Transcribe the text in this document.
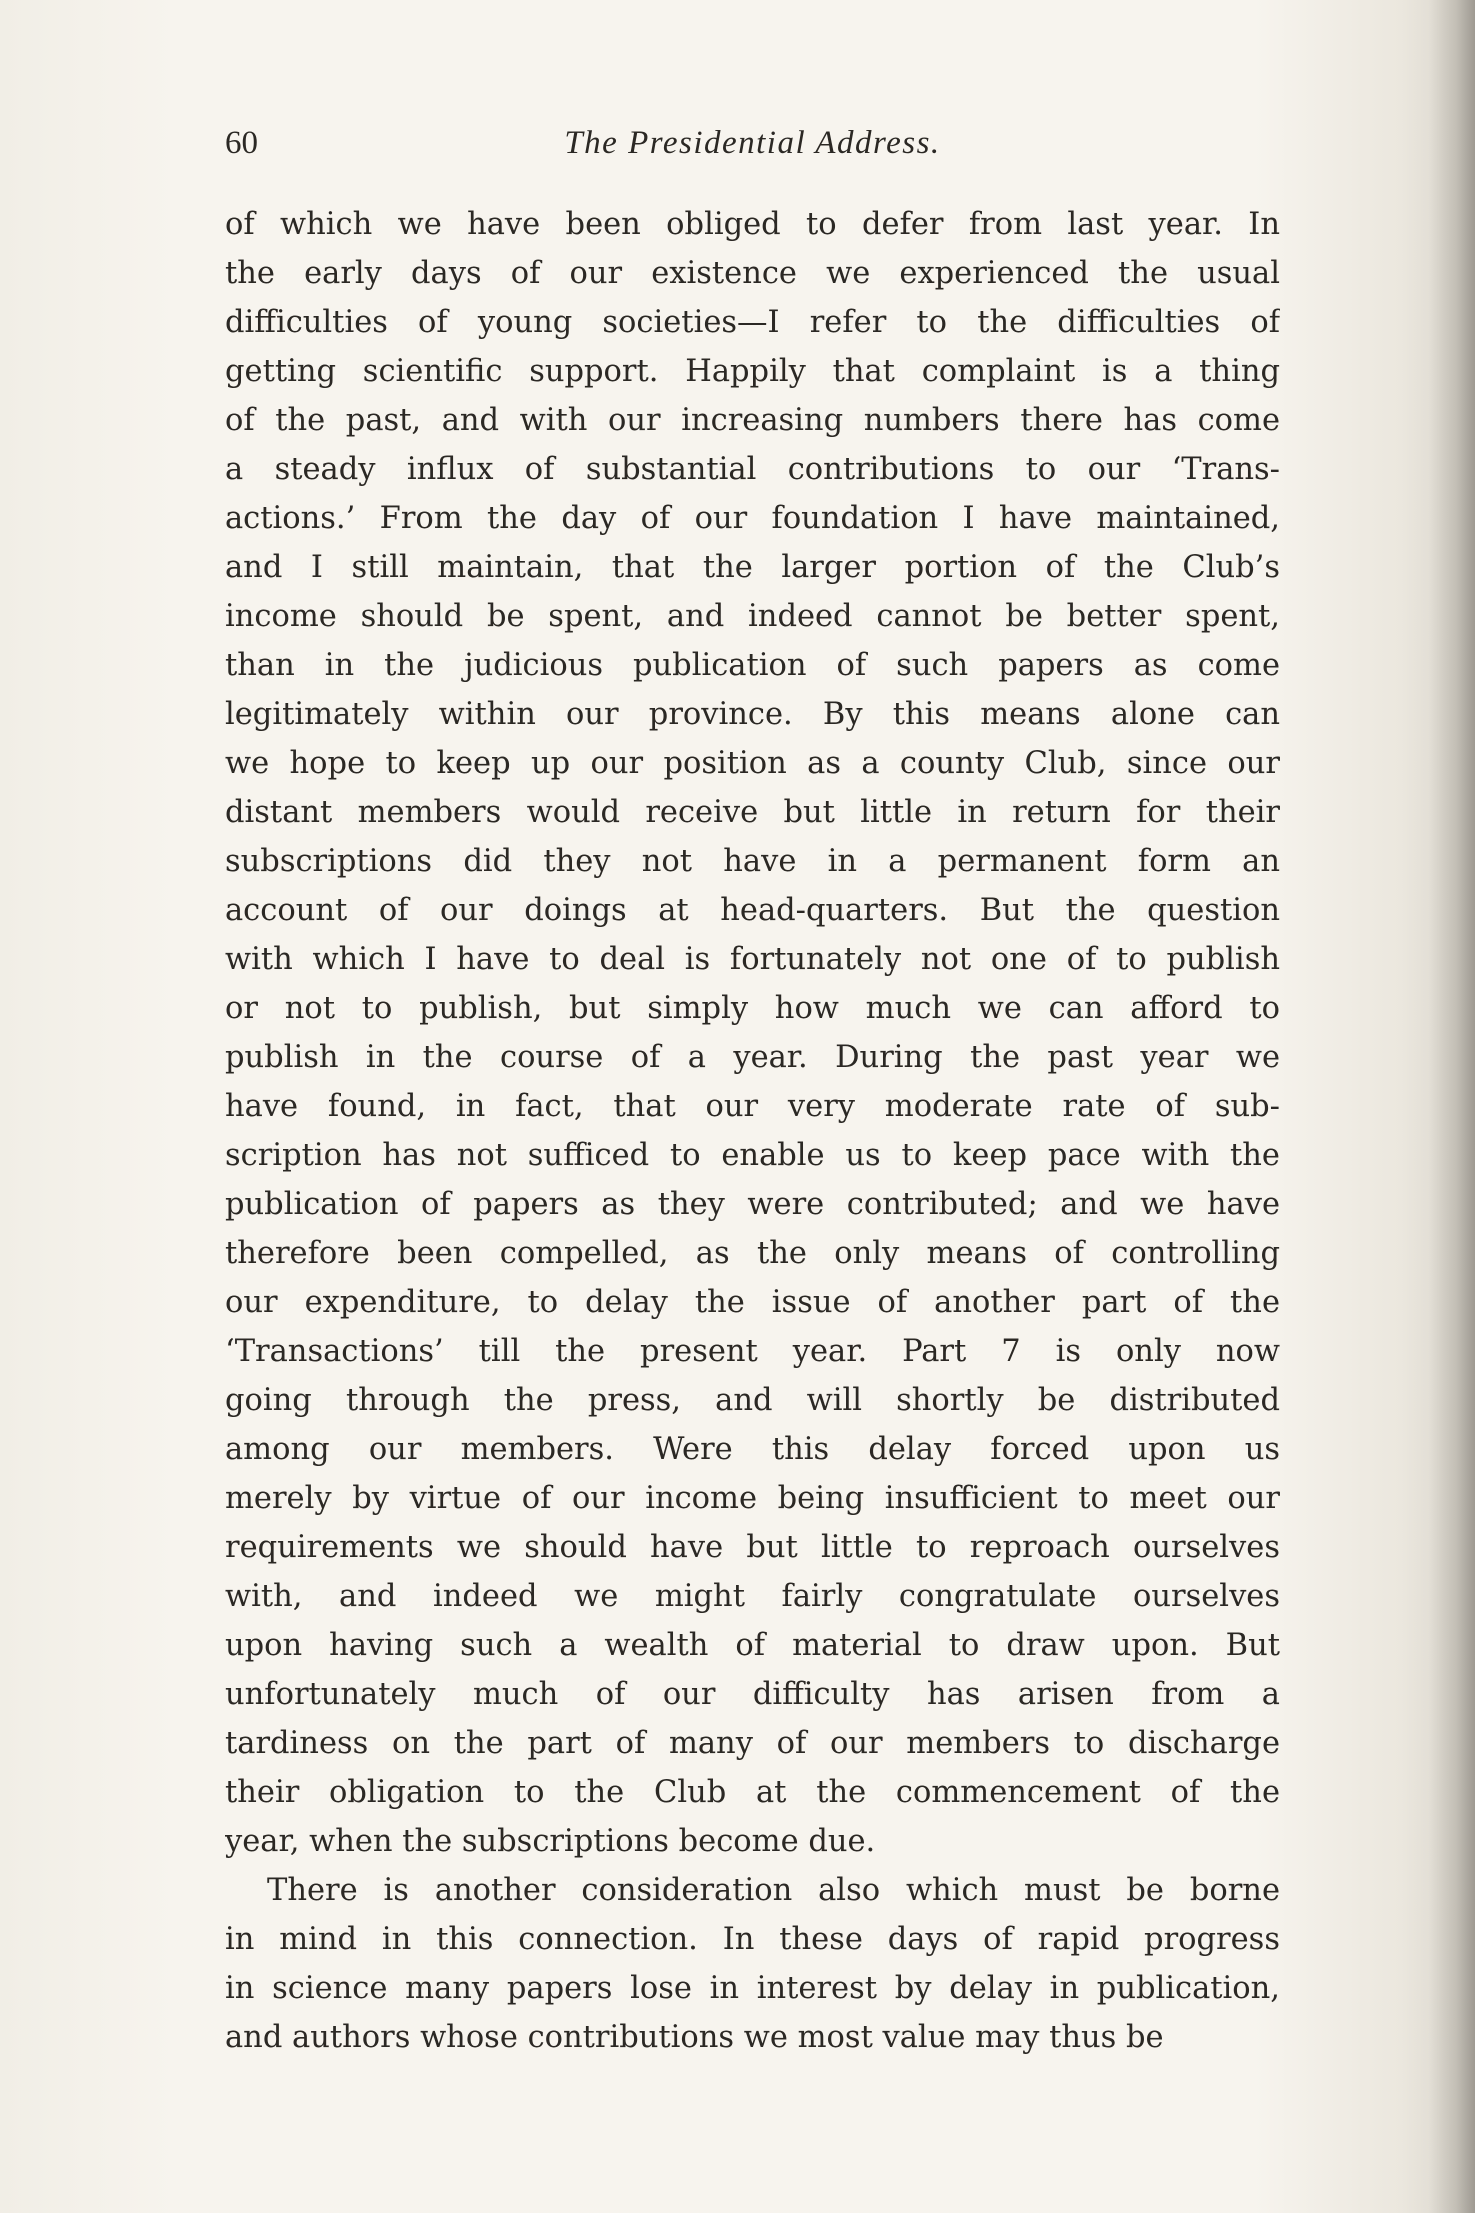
60	The Presidential Address.
of which we have been obliged to defer from last year. In
the early days of our existence we experienced the usual
difficulties of young societies—I refer to the difficulties of
getting scientific support. Happily that complaint is a thing
of the past, and with our increasing numbers there has come
a steady influx of substantial contributions to our ‘Trans-
actions.’ From the day of our foundation I have maintained,
and I still maintain, that the larger portion of the Club’s
income should be spent, and indeed cannot be better spent,
than in the judicious publication of such papers as come
legitimately within our province. By this means alone can
we hope to keep up our position as a county Club, since our
distant members would receive but little in return for their
subscriptions did they not have in a permanent form an
account of our doings at head-quarters. But the question
with which I have to deal is fortunately not one of to publish
or not to publish, but simply how much we can afford to
publish in the course of a year. During the past year we
have found, in fact, that our very moderate rate of sub-
scription has not sufficed to enable us to keep pace with the
publication of papers as they were contributed; and we have
therefore been compelled, as the only means of controlling
our expenditure, to delay the issue of another part of the
‘Transactions’ till the present year. Part 7 is only now
going through the press, and will shortly be distributed
among our members. Were this delay forced upon us
merely by virtue of our income being insufficient to meet our
requirements we should have but little to reproach ourselves
with, and indeed we might fairly congratulate ourselves
upon having such a wealth of material to draw upon. But
unfortunately much of our difficulty has arisen from a
tardiness on the part of many of our members to discharge
their obligation to the Club at the commencement of the
year, when the subscriptions become due.
There is another consideration also which must be borne
in mind in this connection. In these days of rapid progress
in science many papers lose in interest by delay in publication,
and authors whose contributions we most value may thus be
